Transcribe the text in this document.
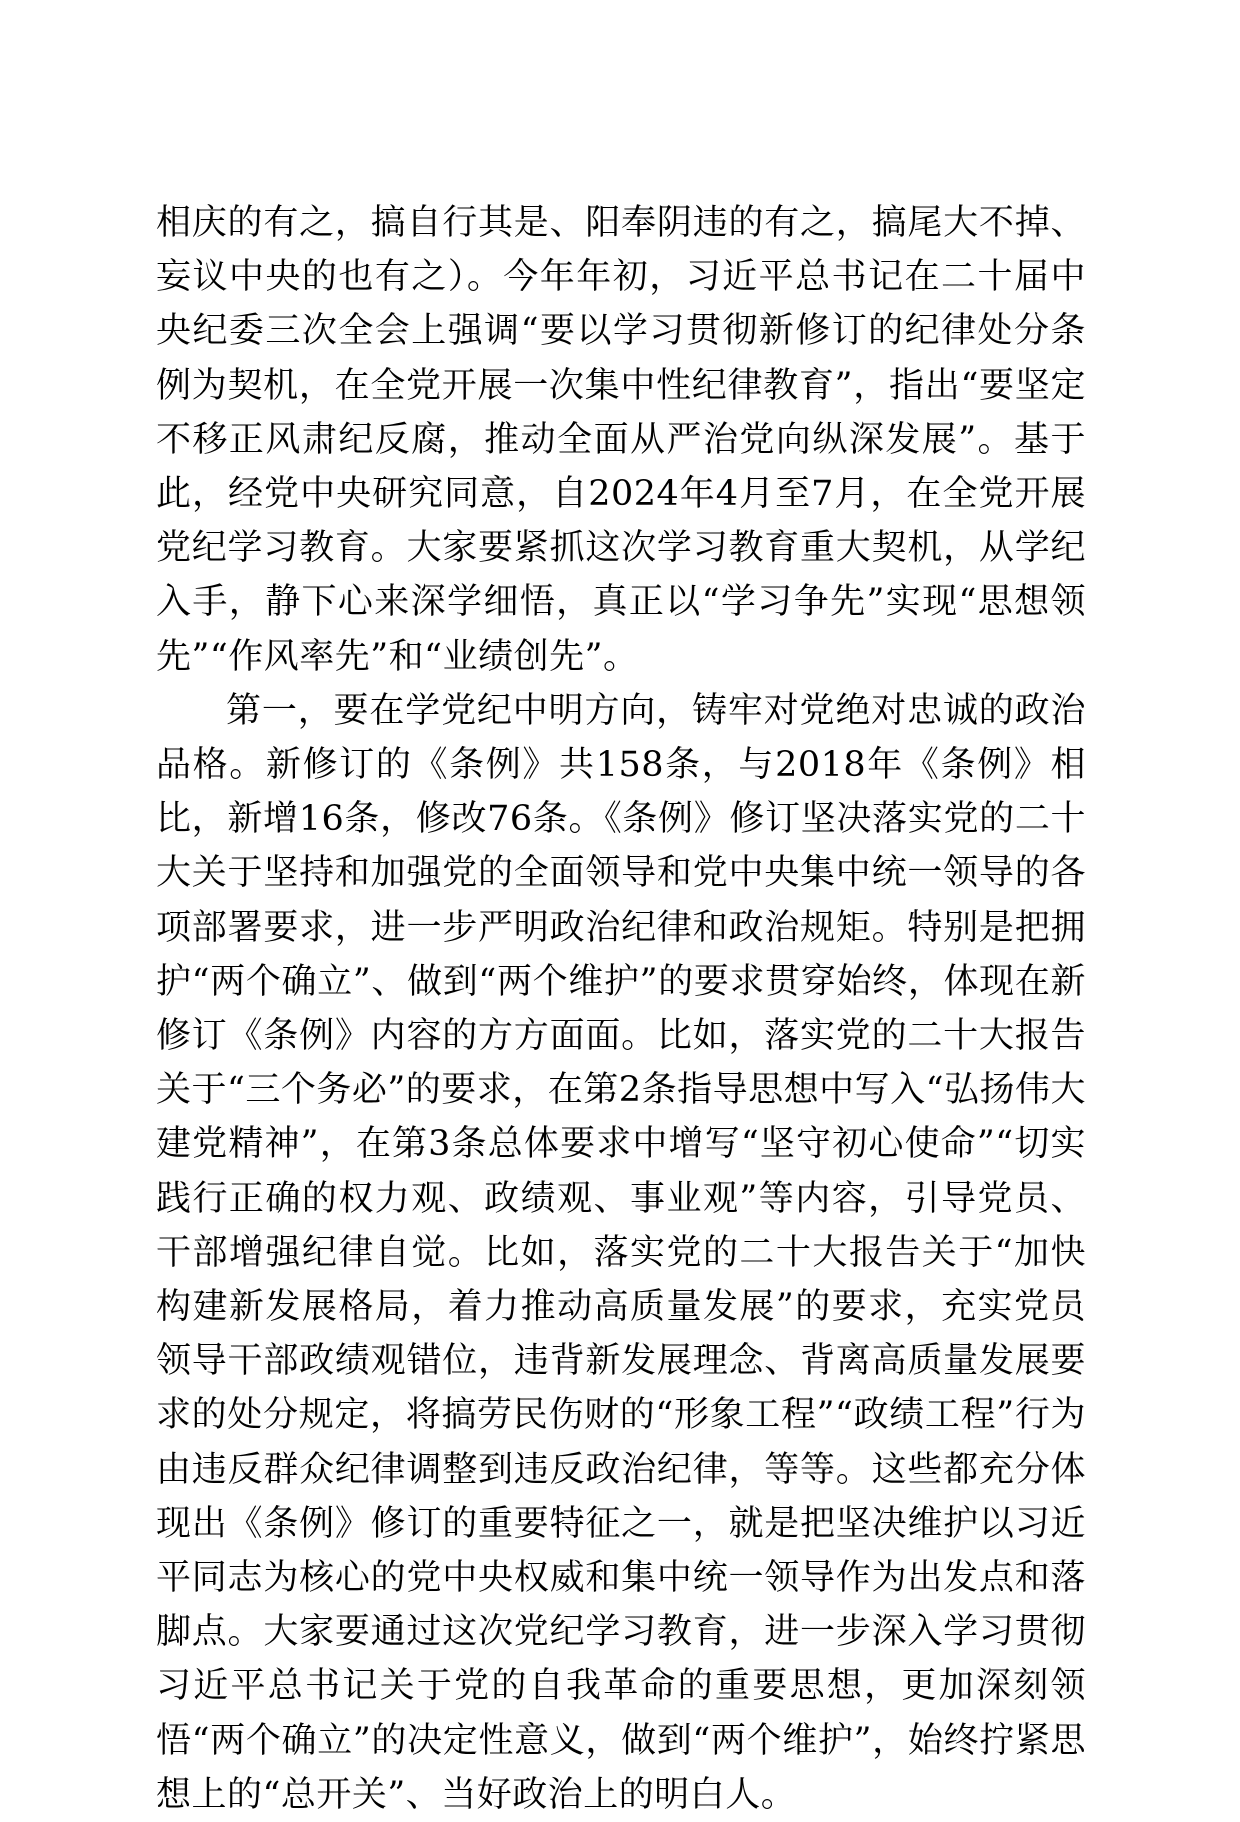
相庆的有之，搞自行其是、阳奉阴违的有之，搞尾大不掉、妄议中央的也有之）。今年年初，习近平总书记在二十届中央纪委三次全会上强调“要以学习贯彻新修订的纪律处分条例为契机，在全党开展一次集中性纪律教育”，指出“要坚定不移正风肃纪反腐，推动全面从严治党向纵深发展”。基于此，经党中央研究同意，自2024年4月至7月，在全党开展党纪学习教育。大家要紧抓这次学习教育重大契机，从学纪入手，静下心来深学细悟，真正以“学习争先”实现“思想领先”“作风率先”和“业绩创先”。

第一，要在学党纪中明方向，铸牢对党绝对忠诚的政治品格。新修订的《条例》共158条，与2018年《条例》相比，新增16条，修改76条。《条例》修订坚决落实党的二十大关于坚持和加强党的全面领导和党中央集中统一领导的各项部署要求，进一步严明政治纪律和政治规矩。特别是把拥护“两个确立”、做到“两个维护”的要求贯穿始终，体现在新修订《条例》内容的方方面面。比如，落实党的二十大报告关于“三个务必”的要求，在第2条指导思想中写入“弘扬伟大建党精神”，在第3条总体要求中增写“坚守初心使命”“切实践行正确的权力观、政绩观、事业观”等内容，引导党员、干部增强纪律自觉。比如，落实党的二十大报告关于“加快构建新发展格局，着力推动高质量发展”的要求，充实党员领导干部政绩观错位，违背新发展理念、背离高质量发展要求的处分规定，将搞劳民伤财的“形象工程”“政绩工程”行为由违反群众纪律调整到违反政治纪律，等等。这些都充分体现出《条例》修订的重要特征之一，就是把坚决维护以习近平同志为核心的党中央权威和集中统一领导作为出发点和落脚点。大家要通过这次党纪学习教育，进一步深入学习贯彻习近平总书记关于党的自我革命的重要思想，更加深刻领悟“两个确立”的决定性意义，做到“两个维护”，始终拧紧思想上的“总开关”、当好政治上的明白人。
